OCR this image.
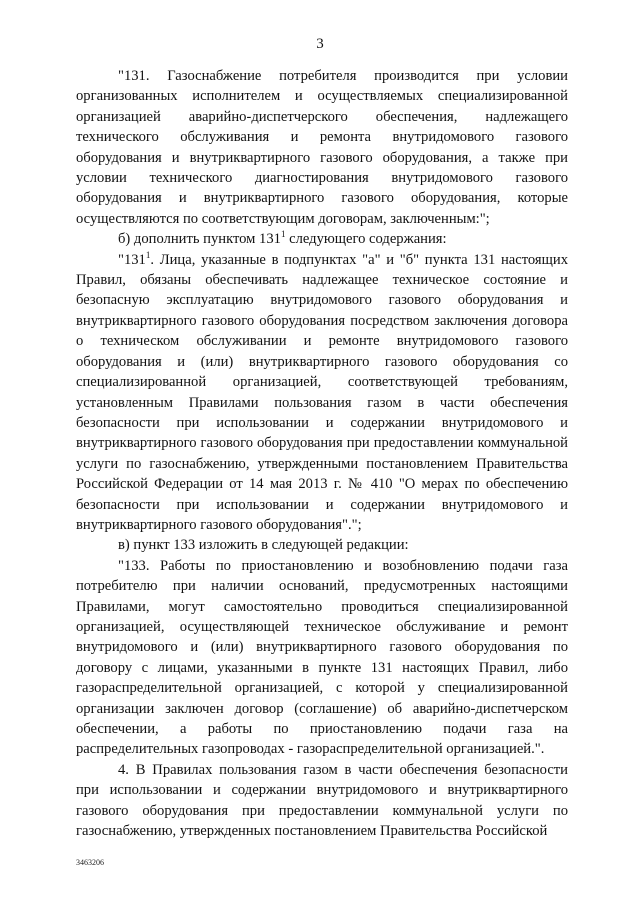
3

"131. Газоснабжение потребителя производится при условии организованных исполнителем и осуществляемых специализированной организацией аварийно-диспетчерского обеспечения, надлежащего технического обслуживания и ремонта внутридомового газового оборудования и внутриквартирного газового оборудования, а также при условии технического диагностирования внутридомового газового оборудования и внутриквартирного газового оборудования, которые осуществляются по соответствующим договорам, заключенным:";

б) дополнить пунктом $131^1$ следующего содержания:

"$131^1$. Лица, указанные в подпунктах "а" и "б" пункта 131 настоящих Правил, обязаны обеспечивать надлежащее техническое состояние и безопасную эксплуатацию внутридомового газового оборудования и внутриквартирного газового оборудования посредством заключения договора о техническом обслуживании и ремонте внутридомового газового оборудования и (или) внутриквартирного газового оборудования со специализированной организацией, соответствующей требованиям, установленным Правилами пользования газом в части обеспечения безопасности при использовании и содержании внутридомового и внутриквартирного газового оборудования при предоставлении коммунальной услуги по газоснабжению, утвержденными постановлением Правительства Российской Федерации от 14 мая 2013 г. № 410 "О мерах по обеспечению безопасности при использовании и содержании внутридомового и внутриквартирного газового оборудования".";

в) пункт 133 изложить в следующей редакции:

"133. Работы по приостановлению и возобновлению подачи газа потребителю при наличии оснований, предусмотренных настоящими Правилами, могут самостоятельно проводиться специализированной организацией, осуществляющей техническое обслуживание и ремонт внутридомового и (или) внутриквартирного газового оборудования по договору с лицами, указанными в пункте 131 настоящих Правил, либо газораспределительной организацией, с которой у специализированной организации заключен договор (соглашение) об аварийно-диспетчерском обеспечении, а работы по приостановлению подачи газа на распределительных газопроводах - газораспределительной организацией.".

4. В Правилах пользования газом в части обеспечения безопасности при использовании и содержании внутридомового и внутриквартирного газового оборудования при предоставлении коммунальной услуги по газоснабжению, утвержденных постановлением Правительства Российской

3463206
